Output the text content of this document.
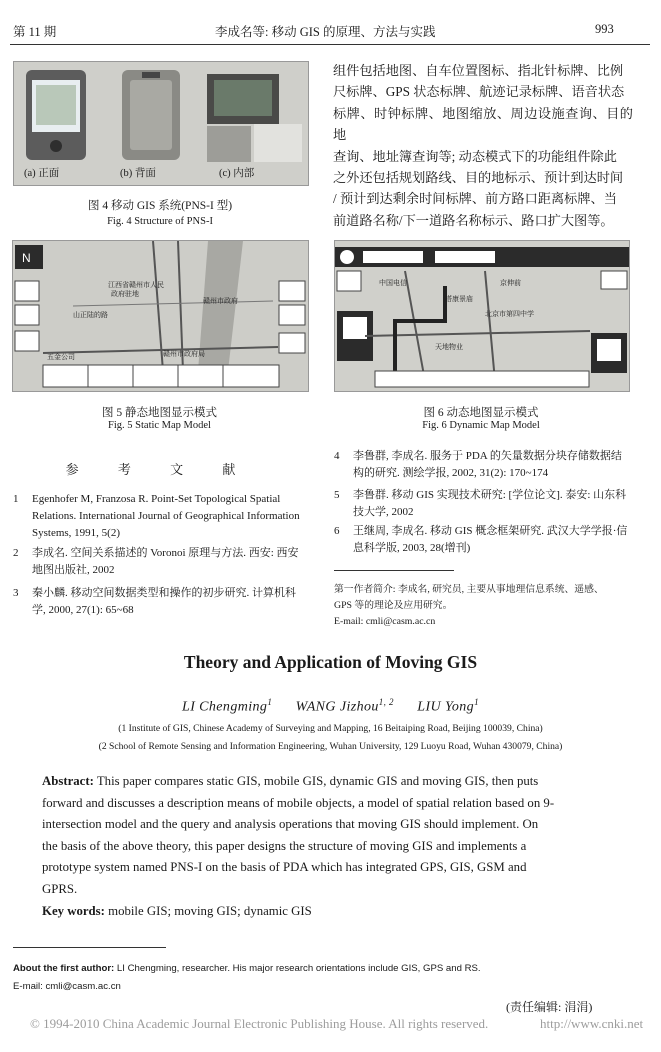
第 11 期	李成名等: 移动 GIS 的原理、方法与实践	993
(a) 正面	(b) 背面	(c) 内部
图 4 移动 GIS 系统(PNS-I 型)
Fig. 4 Structure of PNS-I
组件包括地图、自车位置图标、指北针标牌、比例
尺标牌、GPS 状态标牌、航迹记录标牌、语音状态
标牌、时钟标牌、地图缩放、周边设施查询、目的地
查询、地址簿查询等; 动态模式下的功能组件除此
之外还包括规划路线、目的地标示、预计到达时间
/ 预计到达剩余时间标牌、前方路口距离标牌、当
前道路名称/下一道路名称标示、路口扩大图等。
N
江西省赣州市人民
政府驻地
赣州市政府
山正陆的路
赣州市政府局
五金公司
图 5 静态地图显示模式
Fig. 5 Static Map Model
中国电信	京伸前
塔康景庙
北京市第四中学
天地物业
图 6 动态地图显示模式
Fig. 6 Dynamic Map Model
参 考 文 献
1 Egenhofer M, Franzosa R. Point-Set Topological Spatial Relations. International Journal of Geographical Information Systems, 1991, 5(2)
2 李成名. 空间关系描述的 Voronoi 原理与方法. 西安: 西安地图出版社, 2002
3 秦小麟. 移动空间数据类型和操作的初步研究. 计算机科学, 2000, 27(1): 65~68
4 李鲁群, 李成名. 服务于 PDA 的矢量数据分块存储数据结构的研究. 测绘学报, 2002, 31(2): 170~174
5 李鲁群. 移动 GIS 实现技术研究: [学位论文]. 泰安: 山东科技大学, 2002
6 王继周, 李成名. 移动 GIS 概念框架研究. 武汉大学学报·信息科学版, 2003, 28(增刊)
第一作者简介: 李成名, 研究员, 主要从事地理信息系统、遥感、
GPS 等的理论及应用研究。
E-mail: cmli@casm.ac.cn
Theory and Application of Moving GIS
LI Chengming$^1$ WANG Jizhou$^{1, 2}$ LIU Yong$^1$
(1 Institute of GIS, Chinese Academy of Surveying and Mapping, 16 Beitaiping Road, Beijing 100039, China)
(2 School of Remote Sensing and Information Engineering, Wuhan University, 129 Luoyu Road, Wuhan 430079, China)
Abstract: This paper compares static GIS, mobile GIS, dynamic GIS and moving GIS, then puts
forward and discusses a description means of mobile objects, a model of spatial relation based on 9-
intersection model and the query and analysis operations that moving GIS should implement. On
the basis of the above theory, this paper designs the structure of moving GIS and implements a
prototype system named PNS-I on the basis of PDA which has integrated GPS, GIS, GSM and
GPRS.
Key words: mobile GIS; moving GIS; dynamic GIS
About the first author: LI Chengming, researcher. His major research orientations include GIS, GPS and RS.
E-mail: cmli@casm.ac.cn
(责任编辑: 涓涓)
© 1994-2010 China Academic Journal Electronic Publishing House. All rights reserved.	http://www.cnki.net
